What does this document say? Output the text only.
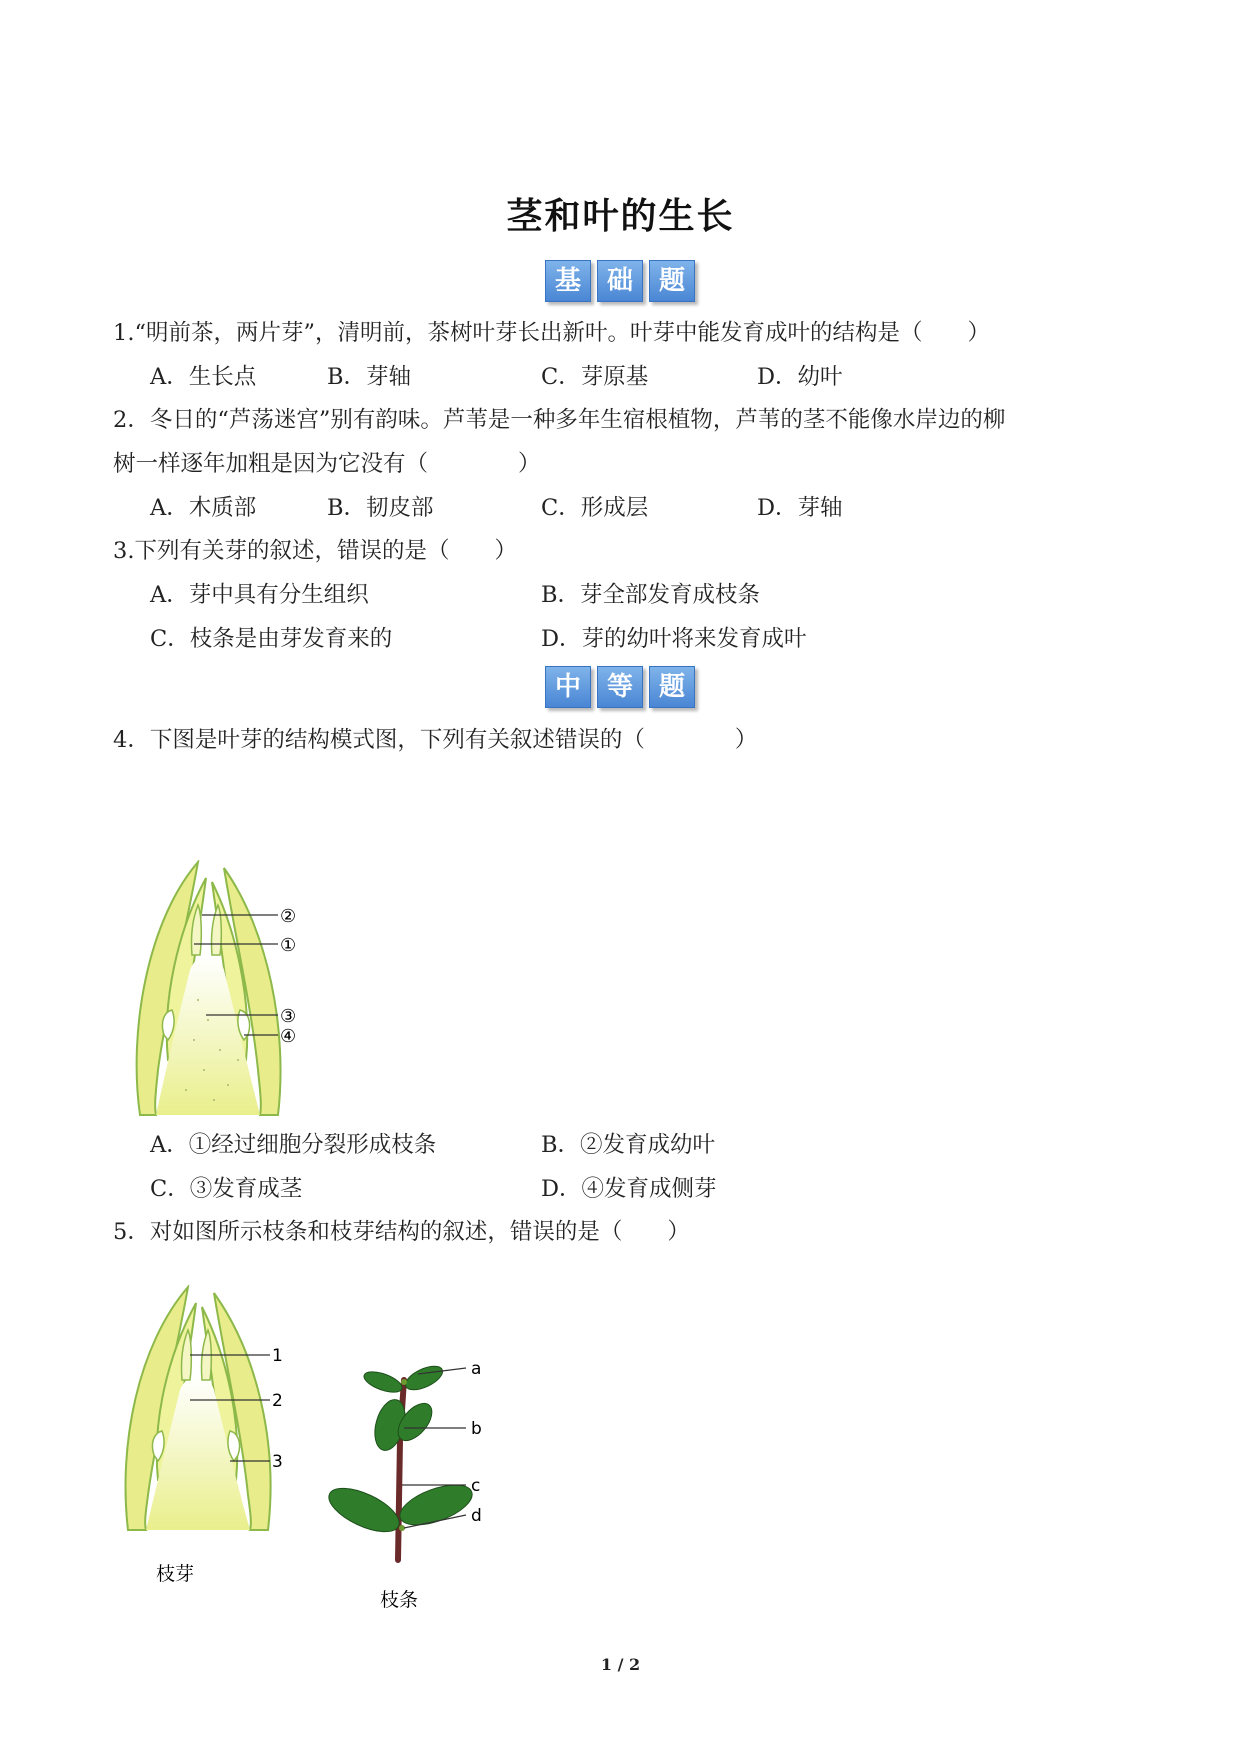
茎和叶的生长
基 础 题
1.“明前茶，两片芽”，清明前，茶树叶芽长出新叶。叶芽中能发育成叶的结构是（　　）
A．生长点	B．芽轴	C．芽原基	D．幼叶
2．冬日的“芦荡迷宫”别有韵味。芦苇是一种多年生宿根植物，芦苇的茎不能像水岸边的柳
树一样逐年加粗是因为它没有（　　　　）
A．木质部	B．韧皮部	C．形成层	D．芽轴
3.下列有关芽的叙述，错误的是（　　）
A．芽中具有分生组织	B．芽全部发育成枝条
C．枝条是由芽发育来的	D．芽的幼叶将来发育成叶
中 等 题
4．下图是叶芽的结构模式图，下列有关叙述错误的（　　　　）
②
①
③
④
A．①经过细胞分裂形成枝条	B．②发育成幼叶
C．③发育成茎	D．④发育成侧芽
5．对如图所示枝条和枝芽结构的叙述，错误的是（　　）
1
2
3
枝芽
a
b
c
d
枝条
1 / 2
